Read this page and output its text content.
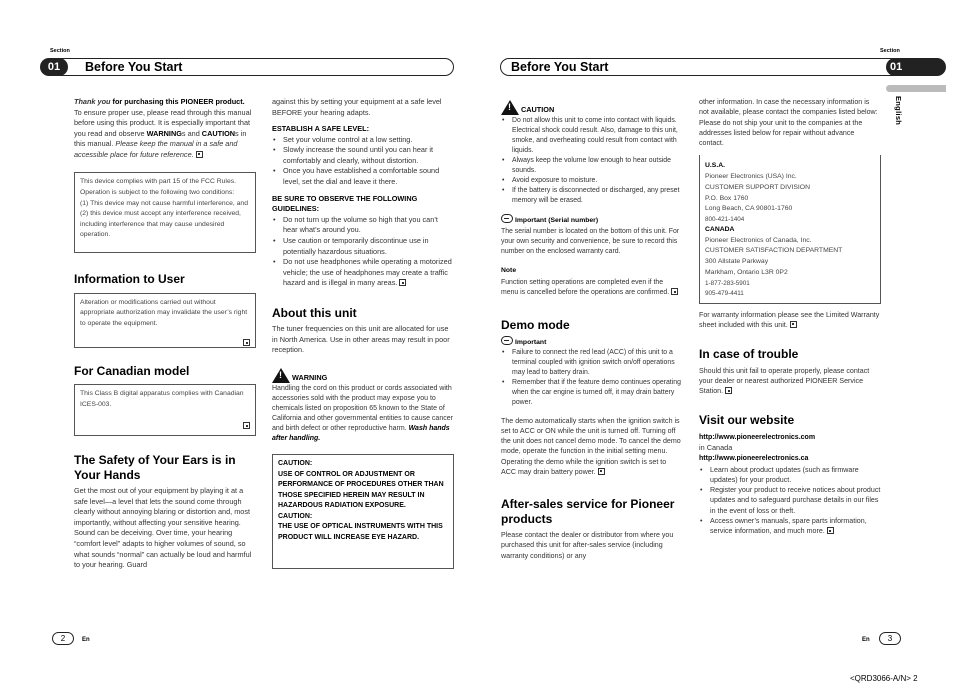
Section
Before You Start
01
Section
Before You Start	01
English

Thank you for purchasing this PIONEER product.
To ensure proper use, please read through this manual before using this product. It is especially important that you read and observe WARNINGs and CAUTIONs in this manual. Please keep the manual in a safe and accessible place for future reference.

This device complies with part 15 of the FCC Rules. Operation is subject to the following two conditions:
(1) This device may not cause harmful interference, and (2) this device must accept any interference received, including interference that may cause undesired operation.
Information to User
Alteration or modifications carried out without appropriate authorization may invalidate the user’s right to operate the equipment.
For Canadian model
This Class B digital apparatus complies with Canadian ICES-003.
The Safety of Your Ears is in Your Hands

Get the most out of your equipment by playing it at a safe level—a level that lets the sound come through clearly without annoying blaring or distortion and, most importantly, without affecting your sensitive hearing. Sound can be deceiving. Over time, your hearing “comfort level” adapts to higher volumes of sound, so what sounds “normal” can actually be loud and harmful to your hearing. Guard

against this by setting your equipment at a safe level BEFORE your hearing adapts.

ESTABLISH A SAFE LEVEL:

• Set your volume control at a low setting.
• Slowly increase the sound until you can hear it comfortably and clearly, without distortion.
• Once you have established a comfortable sound level, set the dial and leave it there.

BE SURE TO OBSERVE THE FOLLOWING GUIDELINES:

• Do not turn up the volume so high that you can’t hear what’s around you.
• Use caution or temporarily discontinue use in potentially hazardous situations.
• Do not use headphones while operating a motorized vehicle; the use of headphones may create a traffic hazard and is illegal in many areas.
About this unit

The tuner frequencies on this unit are allocated for use in North America. Use in other areas may result in poor reception.

!WARNING

Handling the cord on this product or cords associated with accessories sold with the product may expose you to chemicals listed on proposition 65 known to the State of California and other governmental entities to cause cancer and birth defect or other reproductive harm. Wash hands after handling.

CAUTION:
USE OF CONTROL OR ADJUSTMENT OR PERFORMANCE OF PROCEDURES OTHER THAN THOSE SPECIFIED HEREIN MAY RESULT IN HAZARDOUS RADIATION EXPOSURE.
CAUTION:
THE USE OF OPTICAL INSTRUMENTS WITH THIS PRODUCT WILL INCREASE EYE HAZARD.
!CAUTION
• Do not allow this unit to come into contact with liquids. Electrical shock could result. Also, damage to this unit, smoke, and overheating could result from contact with liquids.
• Always keep the volume low enough to hear outside sounds.
• Avoid exposure to moisture.
• If the battery is disconnected or discharged, any preset memory will be erased.

Important (Serial number)

The serial number is located on the bottom of this unit. For your own security and convenience, be sure to record this number on the enclosed warranty card.

Note

Function setting operations are completed even if the menu is cancelled before the operations are confirmed.

Demo mode

Important

• Failure to connect the red lead (ACC) of this unit to a terminal coupled with ignition switch on/off operations may lead to battery drain.
• Remember that if the feature demo continues operating when the car engine is turned off, it may drain battery power.

The demo automatically starts when the ignition switch is set to ACC or ON while the unit is turned off. Turning off the unit does not cancel demo mode. To cancel the demo mode, operate the function in the initial setting menu. Operating the demo while the ignition switch is set to ACC may drain battery power.

After-sales service for Pioneer products

Please contact the dealer or distributor from where you purchased this unit for after-sales service (including warranty conditions) or any

other information. In case the necessary information is not available, please contact the companies listed below:

Please do not ship your unit to the companies at the addresses listed below for repair without advance contact.

U.S.A.

Pioneer Electronics (USA) Inc.

CUSTOMER SUPPORT DIVISION

P.O. Box 1760

Long Beach, CA 90801-1760

800-421-1404

CANADA

Pioneer Electronics of Canada, Inc.

CUSTOMER SATISFACTION DEPARTMENT

300 Allstate Parkway

Markham, Ontario L3R 0P2

1-877-283-5901

905-479-4411

For warranty information please see the Limited Warranty sheet included with this unit.

In case of trouble

Should this unit fail to operate properly, please contact your dealer or nearest authorized PIONEER Service Station.

Visit our website

http://www.pioneerelectronics.com

in Canada

http://www.pioneerelectronics.ca

• Learn about product updates (such as firmware updates) for your product.
• Register your product to receive notices about product updates and to safeguard purchase details in our files in the event of loss or theft.
• Access owner’s manuals, spare parts information, service information, and much more.
2	En	En	3
<QRD3066-A/N> 2
